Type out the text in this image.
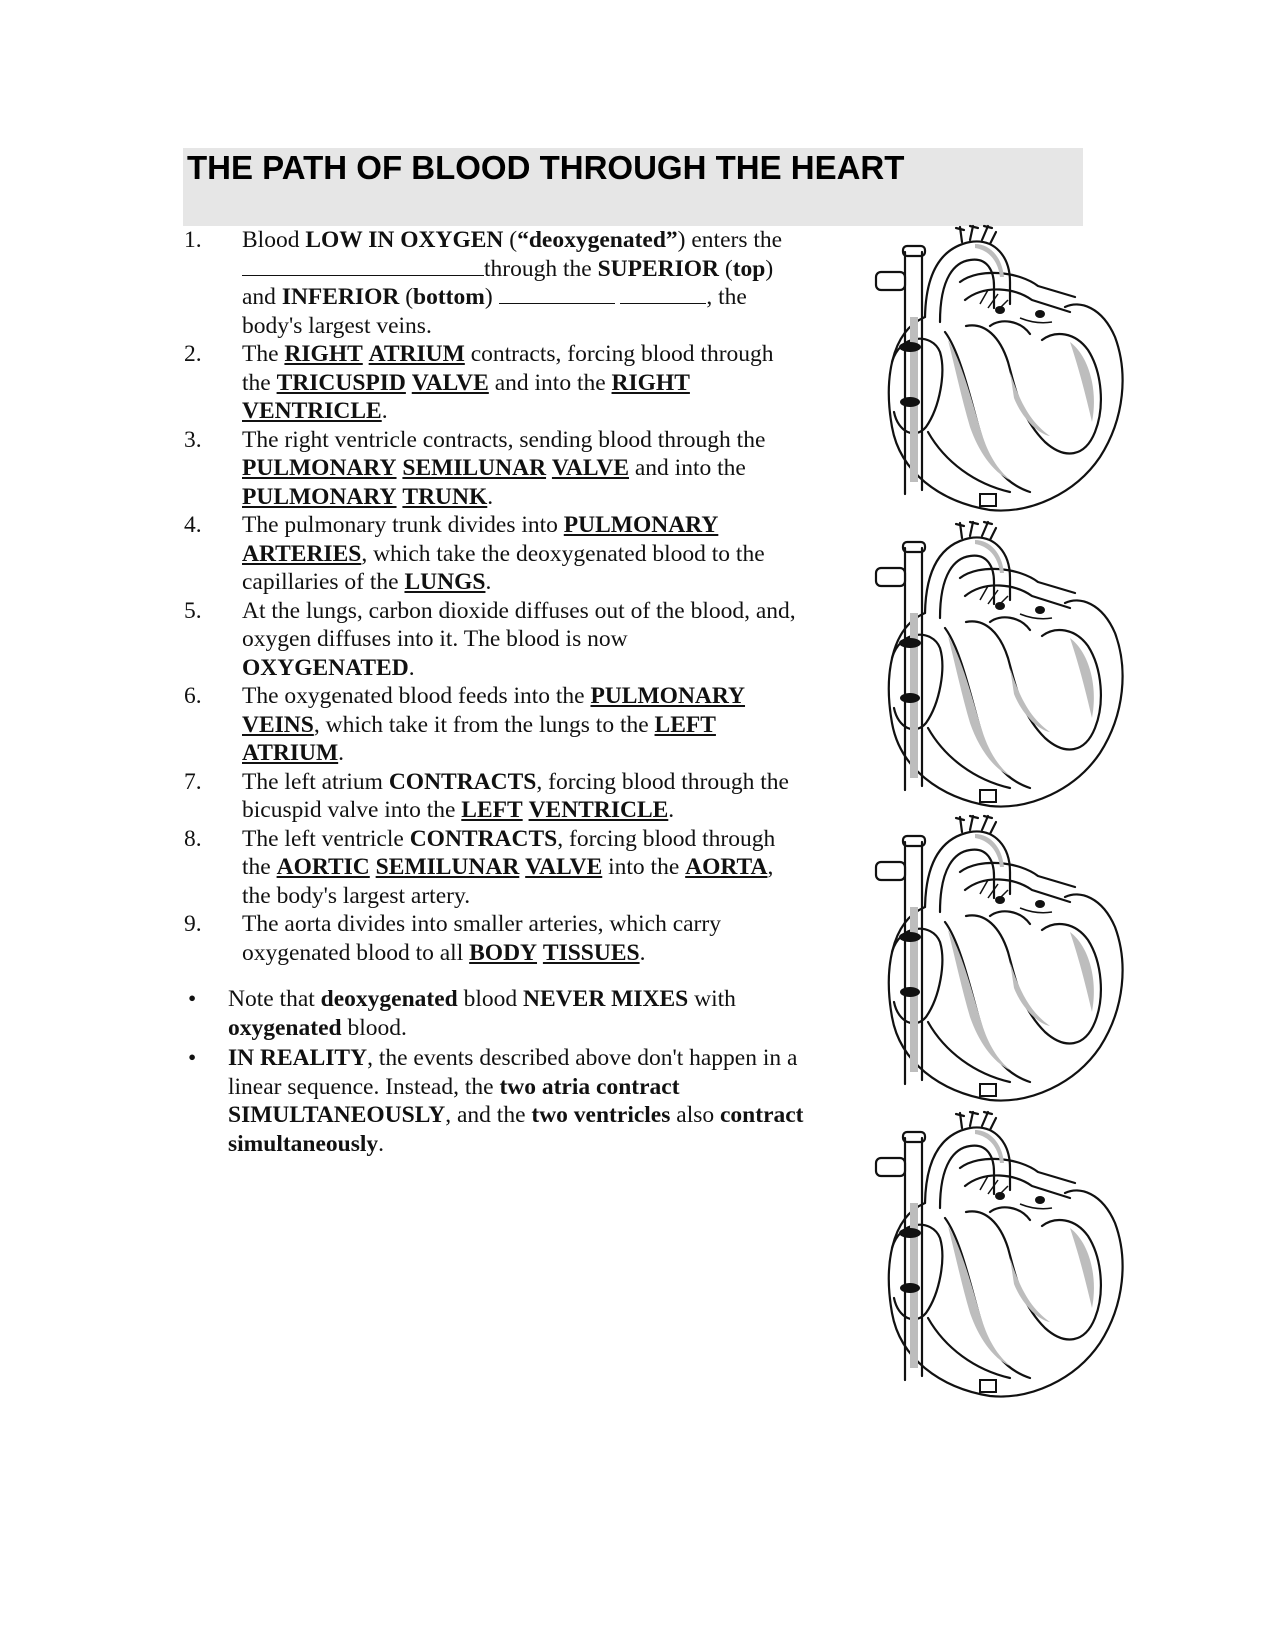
THE PATH OF BLOOD THROUGH THE HEART
1.	Blood LOW IN OXYGEN (“deoxygenated”) enters the through the SUPERIOR (top) and INFERIOR (bottom)	, the body's largest veins.
2.	The RIGHT ATRIUM contracts, forcing blood through the TRICUSPID VALVE and into the RIGHT VENTRICLE.
3.	The right ventricle contracts, sending blood through the PULMONARY SEMILUNAR VALVE and into the PULMONARY TRUNK.
4.	The pulmonary trunk divides into PULMONARY ARTERIES, which take the deoxygenated blood to the capillaries of the LUNGS.
5.	At the lungs, carbon dioxide diffuses out of the blood, and, oxygen diffuses into it. The blood is now OXYGENATED.
6.	The oxygenated blood feeds into the PULMONARY VEINS, which take it from the lungs to the LEFT ATRIUM.
7.	The left atrium CONTRACTS, forcing blood through the bicuspid valve into the LEFT VENTRICLE.
8.	The left ventricle CONTRACTS, forcing blood through the AORTIC SEMILUNAR VALVE into the AORTA, the body's largest artery.
9.	The aorta divides into smaller arteries, which carry oxygenated blood to all BODY TISSUES.
•	Note that deoxygenated blood NEVER MIXES with oxygenated blood.
•	IN REALITY, the events described above don't happen in a linear sequence. Instead, the two atria contract SIMULTANEOUSLY, and the two ventricles also contract simultaneously.
